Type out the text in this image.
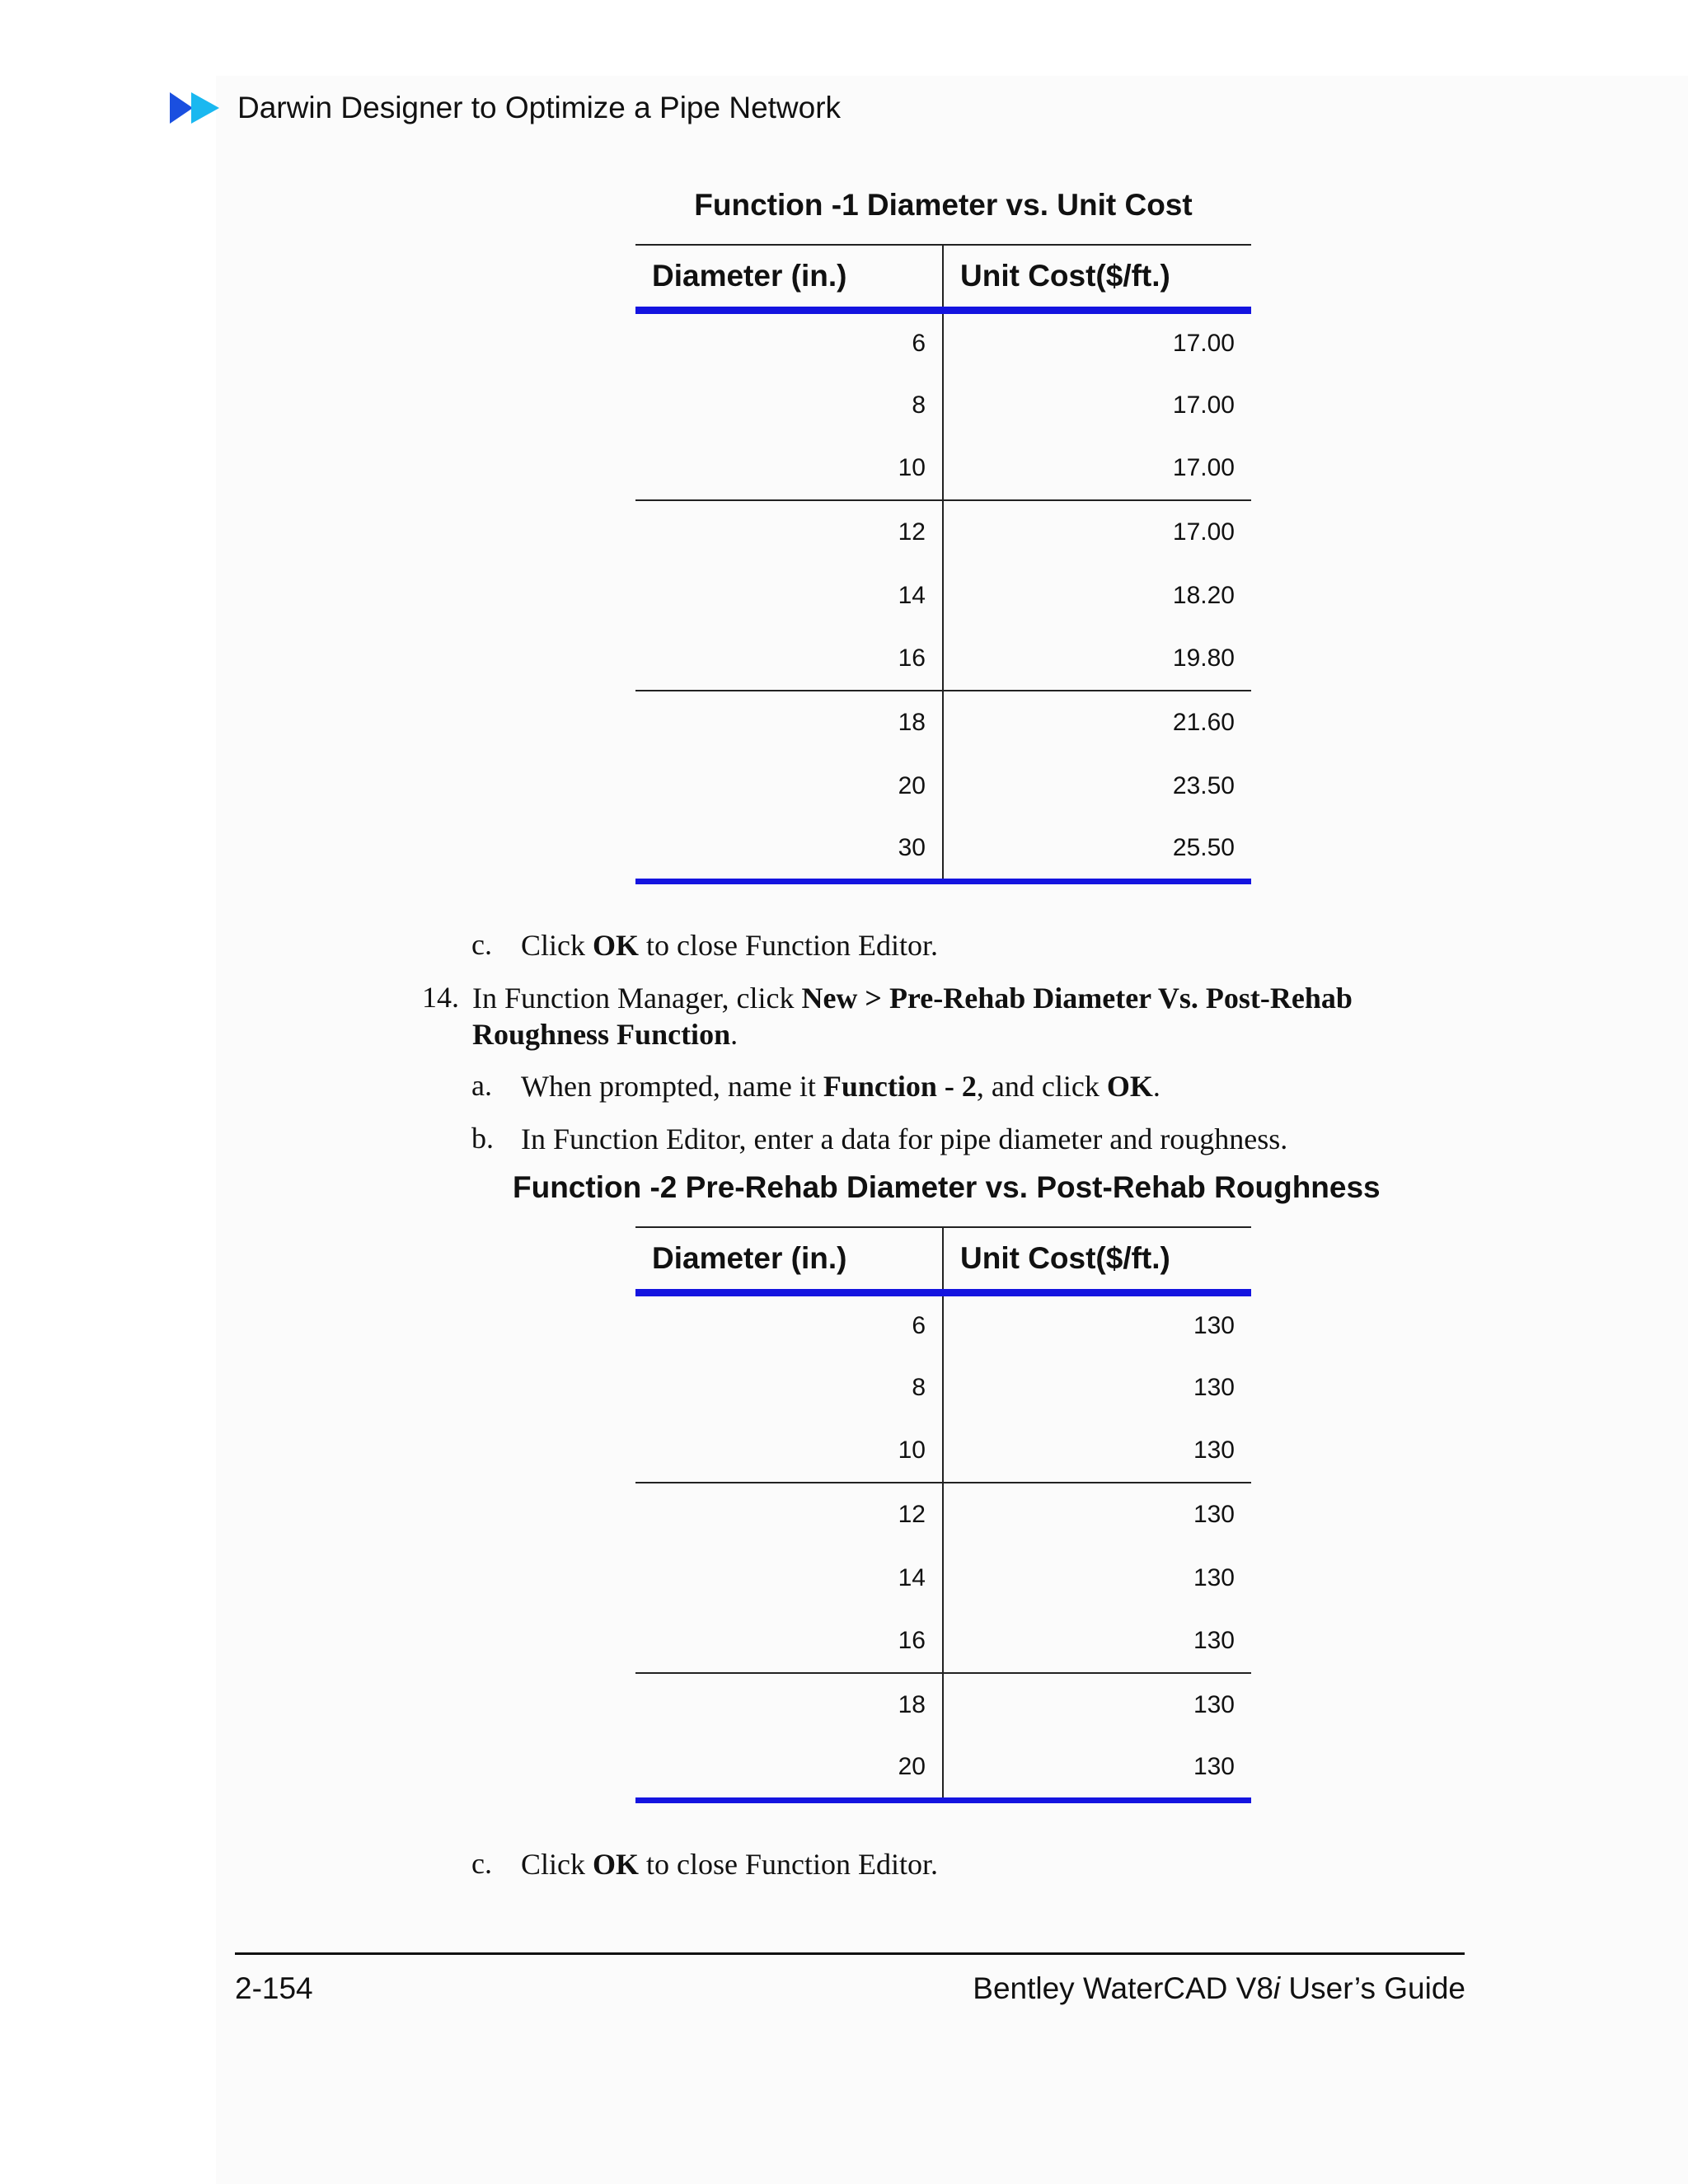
Darwin Designer to Optimize a Pipe Network
Function -1 Diameter vs. Unit Cost
Diameter (in.)	Unit Cost($/ft.)
6	17.00
8	17.00
10	17.00
12	17.00
14	18.20
16	19.80
18	21.60
20	23.50
30	25.50
c. Click OK to close Function Editor.
14. In Function Manager, click New > Pre-Rehab Diameter Vs. Post-Rehab
Roughness Function.
a. When prompted, name it Function - 2, and click OK.
b. In Function Editor, enter a data for pipe diameter and roughness.
Function -2 Pre-Rehab Diameter vs. Post-Rehab Roughness
Diameter (in.)	Unit Cost($/ft.)
6	130
8	130
10	130
12	130
14	130
16	130
18	130
20	130
c. Click OK to close Function Editor.
2-154	Bentley WaterCAD V8i User’s Guide
